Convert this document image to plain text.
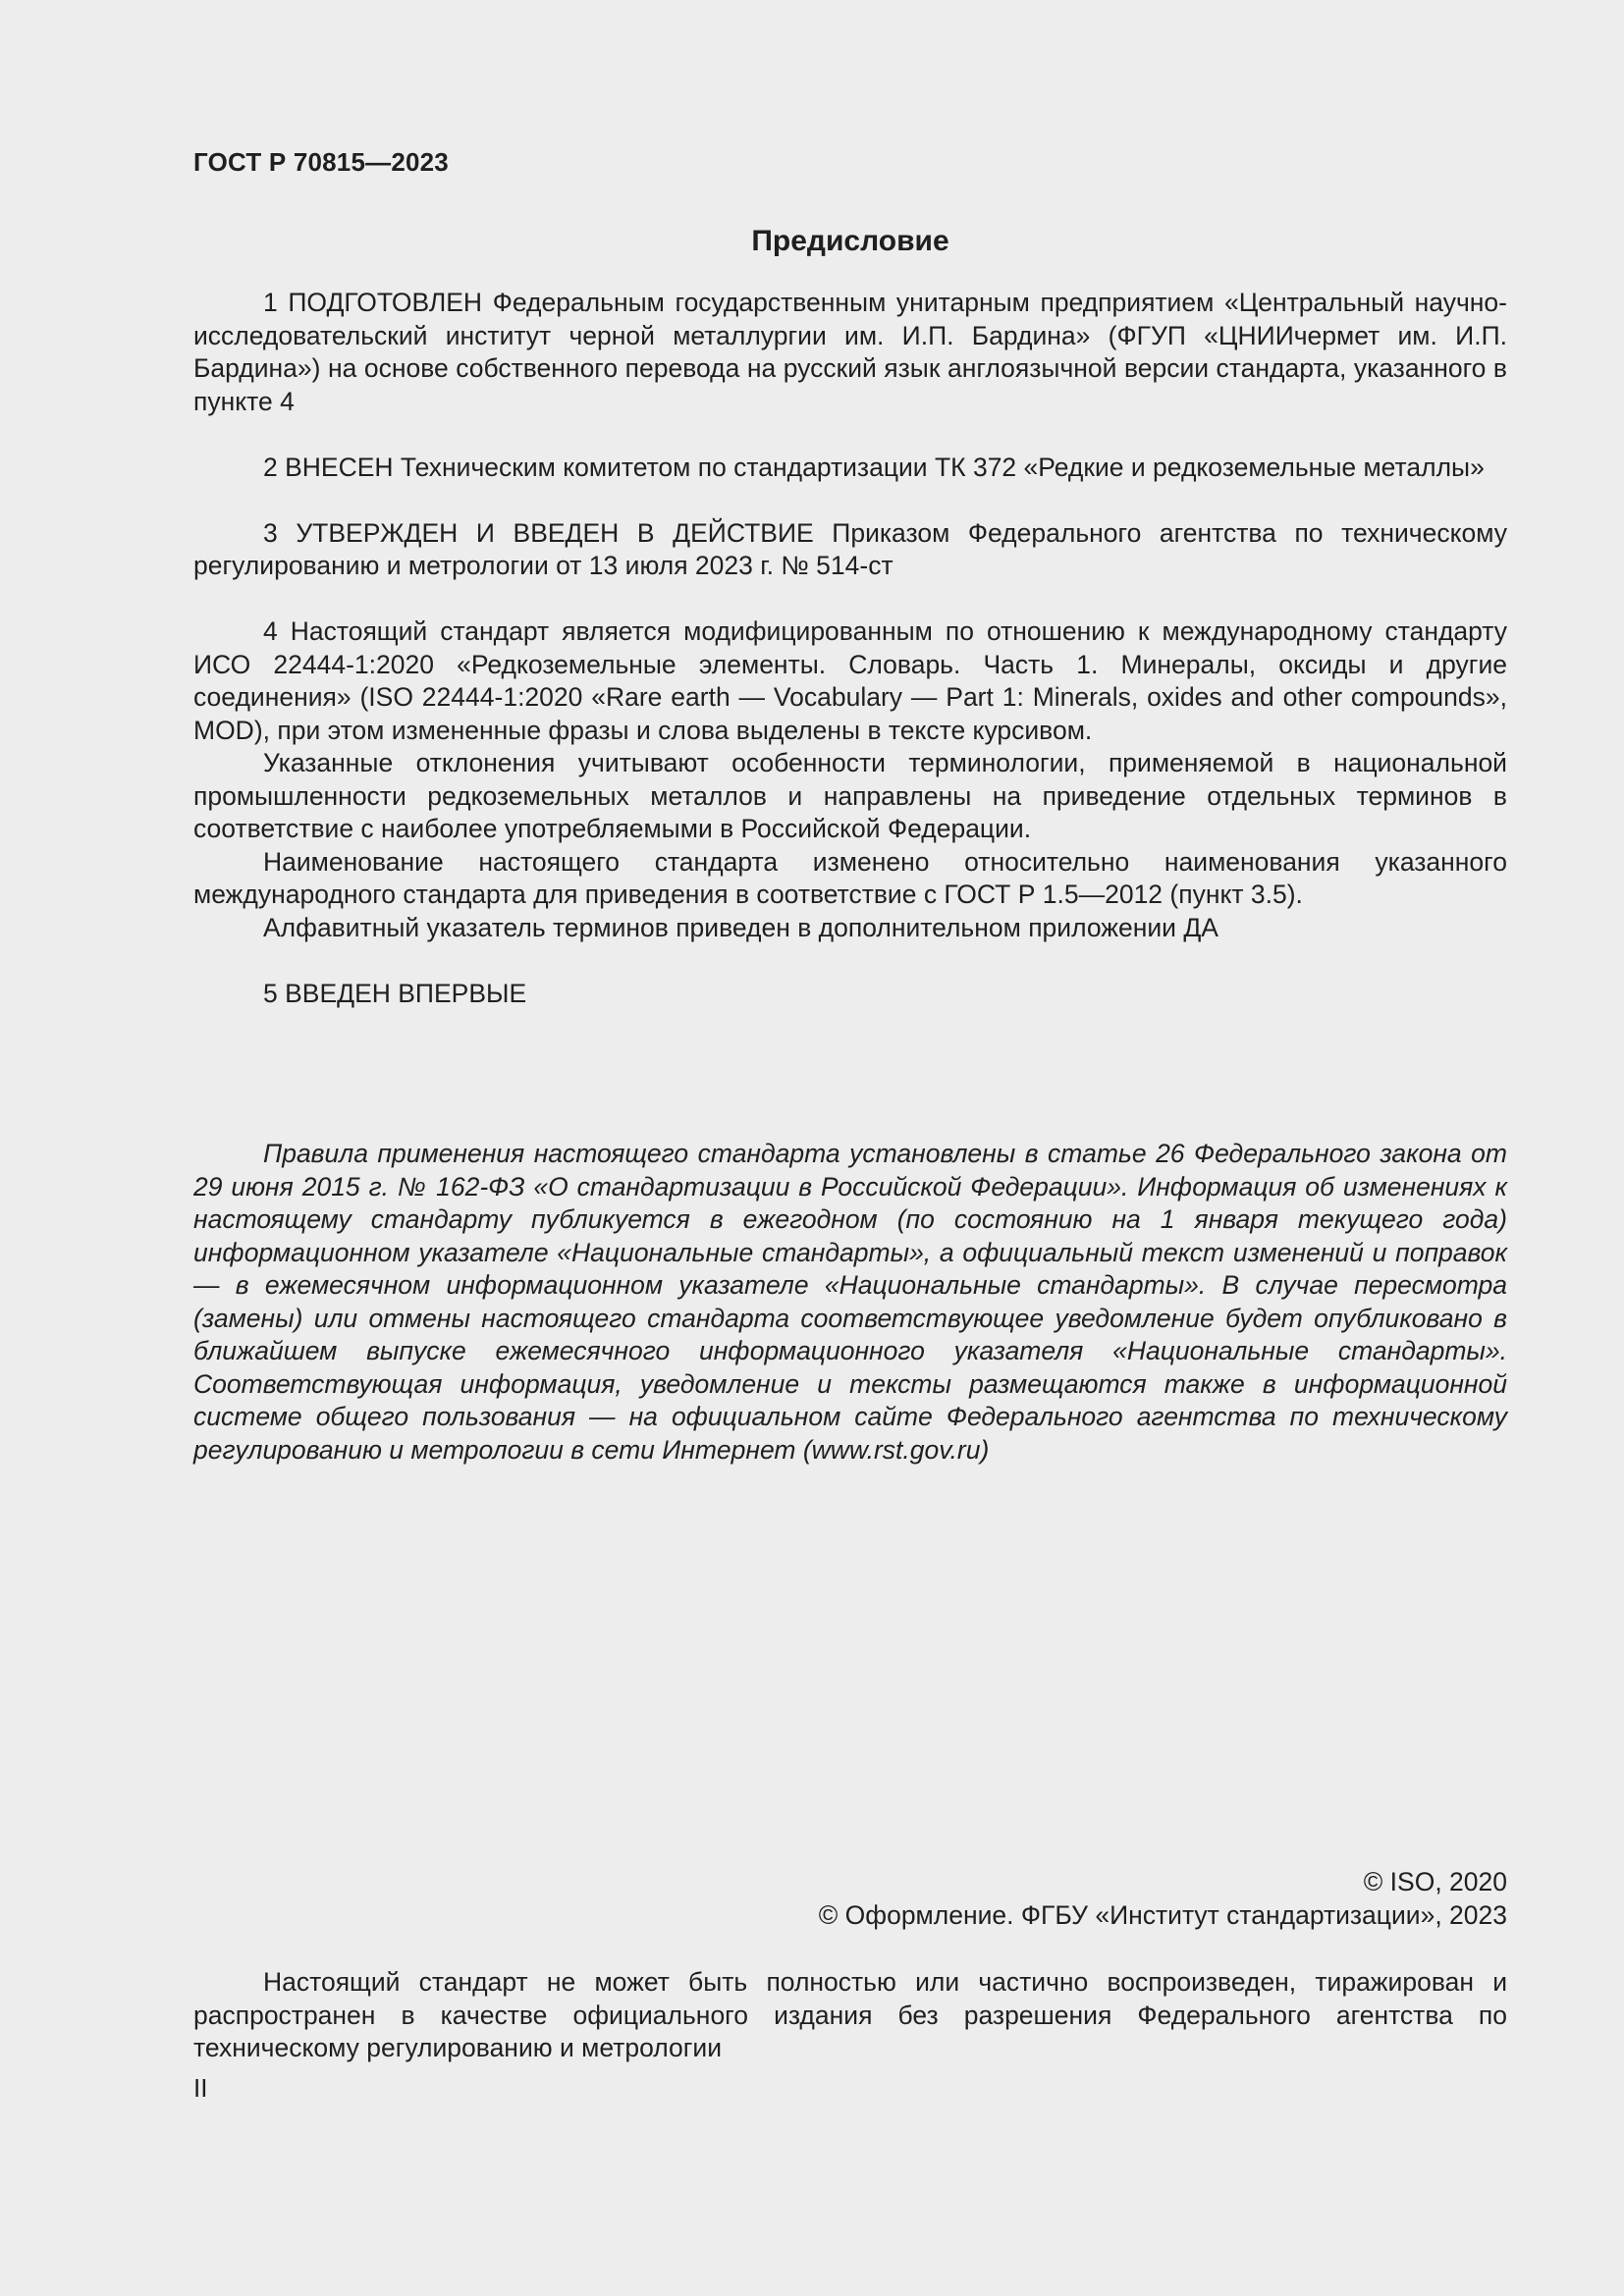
ГОСТ Р 70815—2023
Предисловие

1 ПОДГОТОВЛЕН Федеральным государственным унитарным предприятием «Центральный научно-исследовательский институт черной металлургии им. И.П. Бардина» (ФГУП «ЦНИИчермет им. И.П. Бардина») на основе собственного перевода на русский язык англоязычной версии стандарта, указанного в пункте 4

2 ВНЕСЕН Техническим комитетом по стандартизации ТК 372 «Редкие и редкоземельные металлы»

3 УТВЕРЖДЕН И ВВЕДЕН В ДЕЙСТВИЕ Приказом Федерального агентства по техническому регулированию и метрологии от 13 июля 2023 г. № 514-ст

4 Настоящий стандарт является модифицированным по отношению к международному стандарту ИСО 22444-1:2020 «Редкоземельные элементы. Словарь. Часть 1. Минералы, оксиды и другие соединения» (ISO 22444-1:2020 «Rare earth — Vocabulary — Part 1: Minerals, oxides and other compounds», MOD), при этом измененные фразы и слова выделены в тексте курсивом.

Указанные отклонения учитывают особенности терминологии, применяемой в национальной промышленности редкоземельных металлов и направлены на приведение отдельных терминов в соответствие с наиболее употребляемыми в Российской Федерации.

Наименование настоящего стандарта изменено относительно наименования указанного международного стандарта для приведения в соответствие с ГОСТ Р 1.5—2012 (пункт 3.5).

Алфавитный указатель терминов приведен в дополнительном приложении ДА

5 ВВЕДЕН ВПЕРВЫЕ

Правила применения настоящего стандарта установлены в статье 26 Федерального закона от 29 июня 2015 г. № 162-ФЗ «О стандартизации в Российской Федерации». Информация об изменениях к настоящему стандарту публикуется в ежегодном (по состоянию на 1 января текущего года) информационном указателе «Национальные стандарты», а официальный текст изменений и поправок — в ежемесячном информационном указателе «Национальные стандарты». В случае пересмотра (замены) или отмены настоящего стандарта соответствующее уведомление будет опубликовано в ближайшем выпуске ежемесячного информационного указателя «Национальные стандарты». Соответствующая информация, уведомление и тексты размещаются также в информационной системе общего пользования — на официальном сайте Федерального агентства по техническому регулированию и метрологии в сети Интернет (www.rst.gov.ru)

© ISO, 2020
© Оформление. ФГБУ «Институт стандартизации», 2023

Настоящий стандарт не может быть полностью или частично воспроизведен, тиражирован и распространен в качестве официального издания без разрешения Федерального агентства по техническому регулированию и метрологии

II
